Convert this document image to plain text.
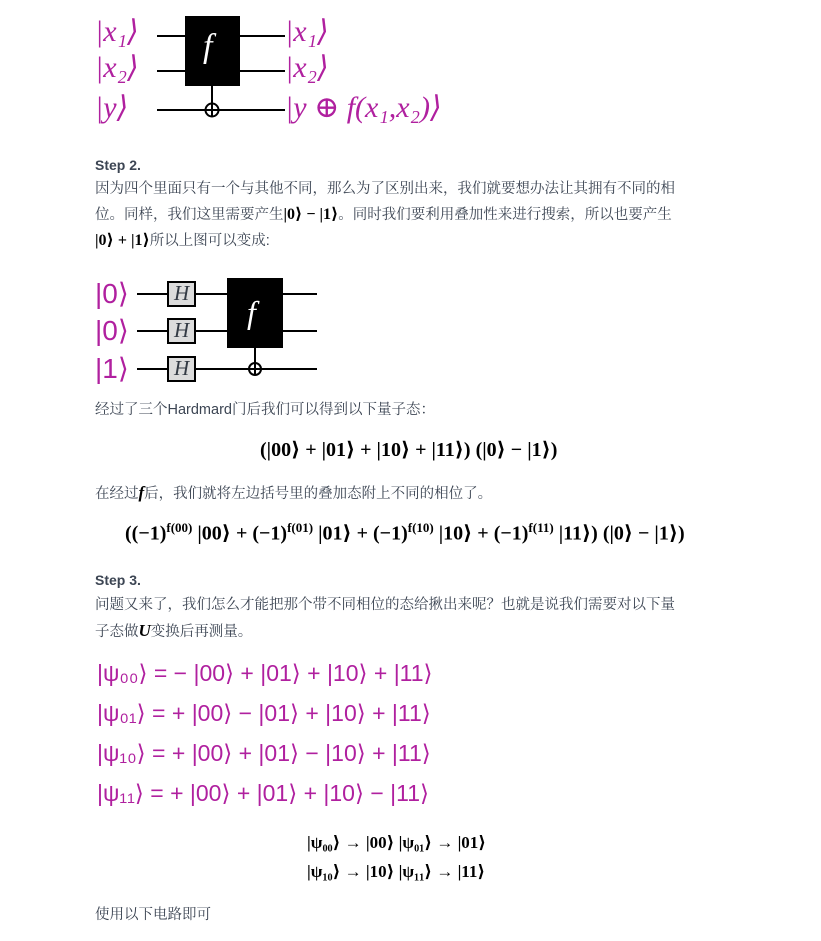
|x₁⟩
|x₂⟩
|y⟩
f |x₁⟩
|x₂⟩
|y ⊕ f(x₁,x₂)⟩
Step 2.
因为四个里面只有一个与其他不同，那么为了区别出来，我们就要想办法让其拥有不同的相
位。同样，我们这里需要产生|0⟩ − |1⟩。同时我们要利用叠加性来进行搜索，所以也要产生
|0⟩ + |1⟩所以上图可以变成:
|0⟩
|0⟩
|1⟩
H
H
H
f
经过了三个Hardmard门后我们可以得到以下量子态：
(|00⟩ + |01⟩ + |10⟩ + |11⟩) (|0⟩ − |1⟩)
在经过f后，我们就将左边括号里的叠加态附上不同的相位了。
($(-1)^{f(00)}$ |00⟩ + $(-1)^{f(01)}$ |01⟩ + $(-1)^{f(10)}$ |10⟩ + $(-1)^{f(11)}$ |11⟩) (|0⟩ − |1⟩)
Step 3.
问题又来了，我们怎么才能把那个带不同相位的态给揪出来呢？也就是说我们需要对以下量
子态做U变换后再测量。
|ψ₀₀⟩ = − |00⟩ + |01⟩ + |10⟩ + |11⟩
|ψ₀₁⟩ = + |00⟩ − |01⟩ + |10⟩ + |11⟩
|ψ₁₀⟩ = + |00⟩ + |01⟩ − |10⟩ + |11⟩
|ψ₁₁⟩ = + |00⟩ + |01⟩ + |10⟩ − |11⟩
|ψ₀₀⟩ → |00⟩ |ψ₀₁⟩ → |01⟩
|ψ₁₀⟩ → |10⟩ |ψ₁₁⟩ → |11⟩
使用以下电路即可
